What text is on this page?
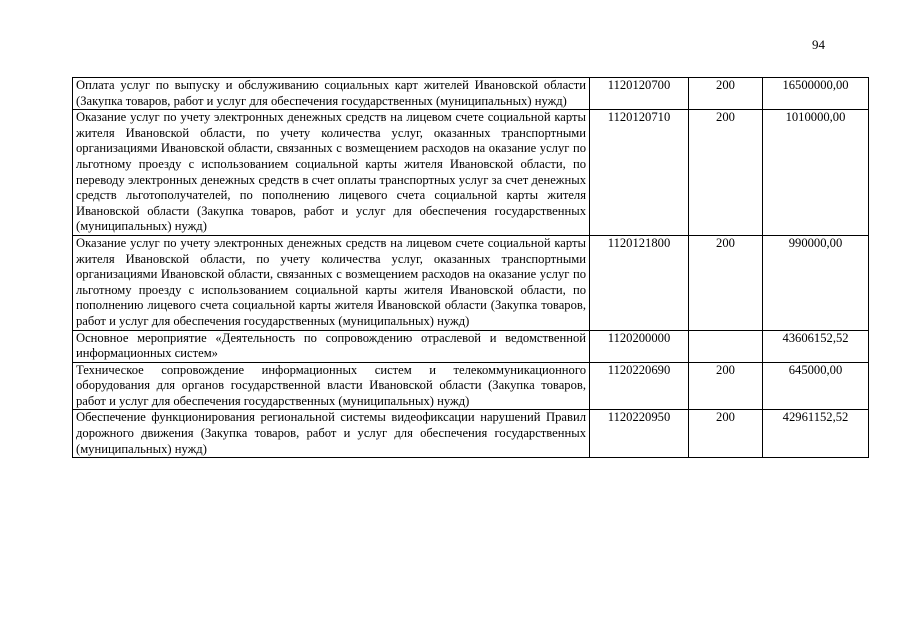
94
Оплата услуг по выпуску и обслуживанию социальных карт жителей Ивановской области (Закупка товаров, работ и услуг для обеспечения государственных (муниципальных) нужд)	1120120700	200	16500000,00
Оказание услуг по учету электронных денежных средств на лицевом счете социальной карты жителя Ивановской области, по учету количества услуг, оказанных транспортными организациями Ивановской области, связанных с возмещением расходов на оказание услуг по льготному проезду с использованием социальной карты жителя Ивановской области, по переводу электронных денежных средств в счет оплаты транспортных услуг за счет денежных средств льготополучателей, по пополнению лицевого счета социальной карты жителя Ивановской области (Закупка товаров, работ и услуг для обеспечения государственных (муниципальных) нужд)	1120120710	200	1010000,00
Оказание услуг по учету электронных денежных средств на лицевом счете социальной карты жителя Ивановской области, по учету количества услуг, оказанных транспортными организациями Ивановской области, связанных с возмещением расходов на оказание услуг по льготному проезду с использованием социальной карты жителя Ивановской области, по пополнению лицевого счета социальной карты жителя Ивановской области (Закупка товаров, работ и услуг для обеспечения государственных (муниципальных) нужд)	1120121800	200	990000,00
Основное мероприятие «Деятельность по сопровождению отраслевой и ведомственной информационных систем»	1120200000		43606152,52
Техническое сопровождение информационных систем и телекоммуникационного оборудования для органов государственной власти Ивановской области (Закупка товаров, работ и услуг для обеспечения государственных (муниципальных) нужд)	1120220690	200	645000,00
Обеспечение функционирования региональной системы видеофиксации нарушений Правил дорожного движения (Закупка товаров, работ и услуг для обеспечения государственных (муниципальных) нужд)	1120220950	200	42961152,52
